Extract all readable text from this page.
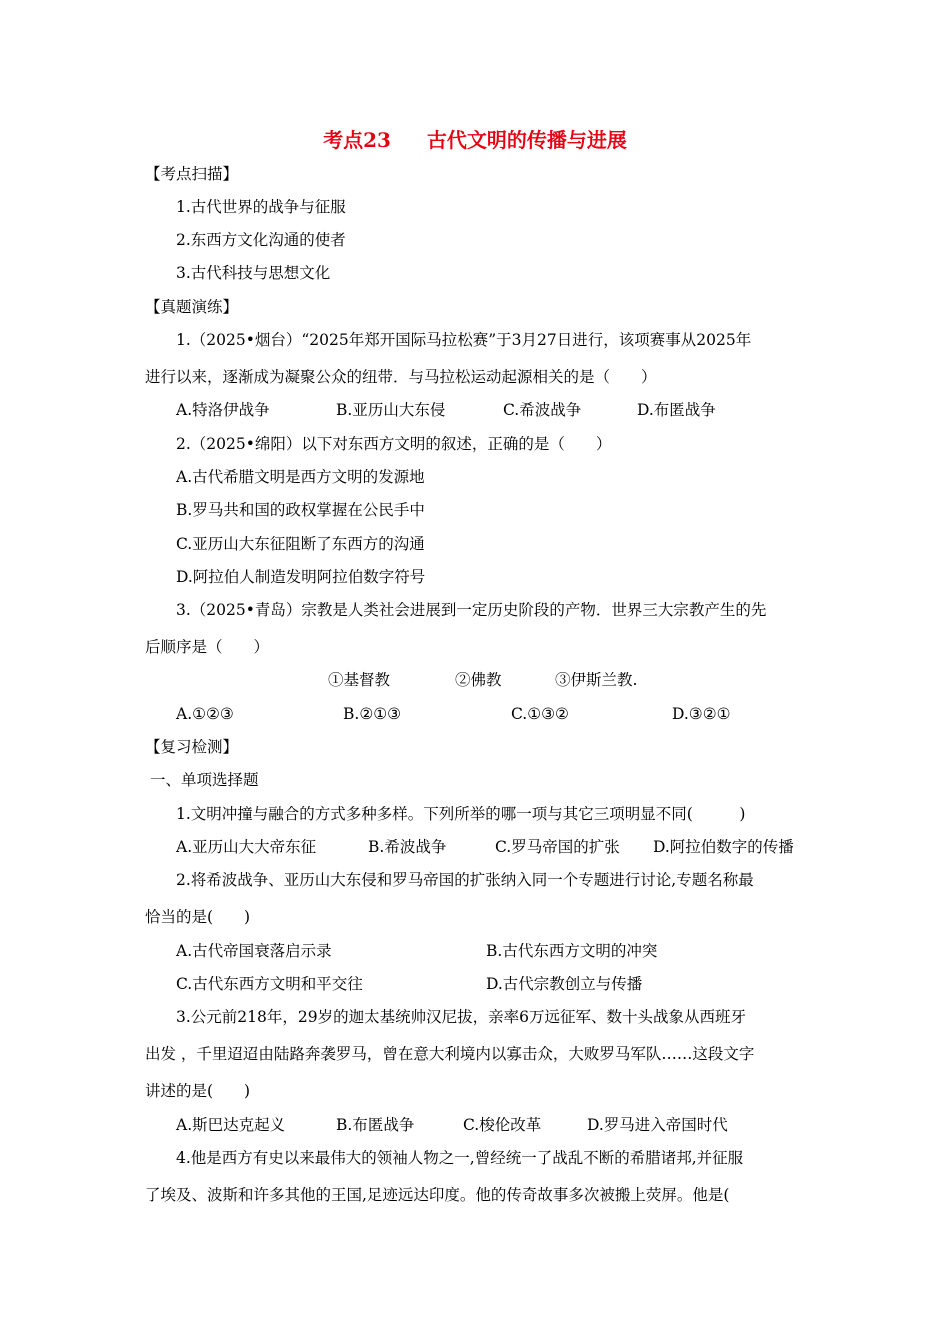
考点23 古代文明的传播与进展
【考点扫描】
1.古代世界的战争与征服
2.东西方文化沟通的使者
3.古代科技与思想文化
【真题演练】
1.（2025•烟台）“2025年郑开国际马拉松赛”于3月27日进行，该项赛事从2025年
进行以来，逐渐成为凝聚公众的纽带．与马拉松运动起源相关的是（　　）
A.特洛伊战争	B.亚历山大东侵	C.希波战争	D.布匿战争
2.（2025•绵阳）以下对东西方文明的叙述，正确的是（　　）
A.古代希腊文明是西方文明的发源地
B.罗马共和国的政权掌握在公民手中
C.亚历山大东征阻断了东西方的沟通
D.阿拉伯人制造发明阿拉伯数字符号
3.（2025•青岛）宗教是人类社会进展到一定历史阶段的产物．世界三大宗教产生的先
后顺序是（　　）
①基督教	②佛教	③伊斯兰教.
A.①②③	B.②①③	C.①③②	D.③②①
【复习检测】
一、单项选择题
1.文明冲撞与融合的方式多种多样。下列所举的哪一项与其它三项明显不同(　　　)
A.亚历山大大帝东征	B.希波战争	C.罗马帝国的扩张 D.阿拉伯数字的传播
2.将希波战争、亚历山大东侵和罗马帝国的扩张纳入同一个专题进行讨论,专题名称最
恰当的是(　　)
A.古代帝国衰落启示录	B.古代东西方文明的冲突
C.古代东西方文明和平交往	D.古代宗教创立与传播
3.公元前218年，29岁的迦太基统帅汉尼拔，亲率6万远征军、数十头战象从西班牙
出发 ，千里迢迢由陆路奔袭罗马，曾在意大利境内以寡击众，大败罗马军队……这段文字
讲述的是(　　)
A.斯巴达克起义	B.布匿战争	C.梭伦改革	D.罗马进入帝国时代
4.他是西方有史以来最伟大的领袖人物之一,曾经统一了战乱不断的希腊诸邦,并征服
了埃及、波斯和许多其他的王国,足迹远达印度。他的传奇故事多次被搬上荧屏。他是(
